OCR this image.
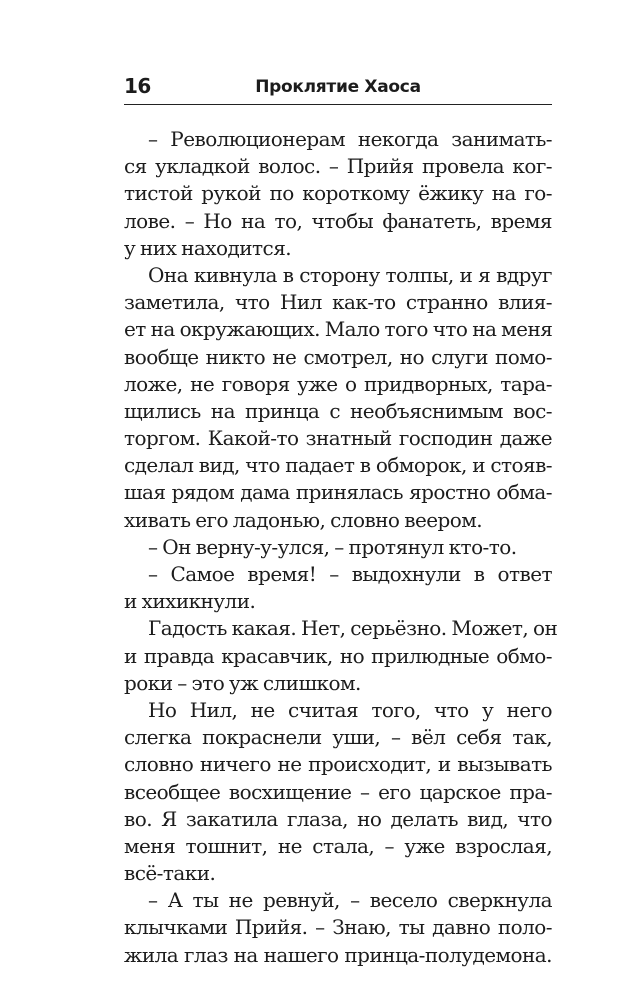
16	Проклятие Хаоса
– Революционерам некогда занимать-
ся укладкой волос. – Прийя провела ког-
тистой рукой по короткому ёжику на го-
лове. – Но на то, чтобы фанатеть, время
у них находится.
Она кивнула в сторону толпы, и я вдруг
заметила, что Нил как-то странно влия-
ет на окружающих. Мало того что на меня
вообще никто не смотрел, но слуги помо-
ложе, не говоря уже о придворных, тара-
щились на принца с необъяснимым вос-
торгом. Какой-то знатный господин даже
сделал вид, что падает в обморок, и стояв-
шая рядом дама принялась яростно обма-
хивать его ладонью, словно веером.
– Он верну-у-улся, – протянул кто-то.
– Самое время! – выдохнули в ответ
и хихикнули.
Гадость какая. Нет, серьёзно. Может, он
и правда красавчик, но прилюдные обмо-
роки – это уж слишком.
Но Нил, не считая того, что у него
слегка покраснели уши, – вёл себя так,
словно ничего не происходит, и вызывать
всеобщее восхищение – его царское пра-
во. Я закатила глаза, но делать вид, что
меня тошнит, не стала, – уже взрослая,
всё-таки.
– А ты не ревнуй, – весело сверкнула
клычками Прийя. – Знаю, ты давно поло-
жила глаз на нашего принца-полудемона.
